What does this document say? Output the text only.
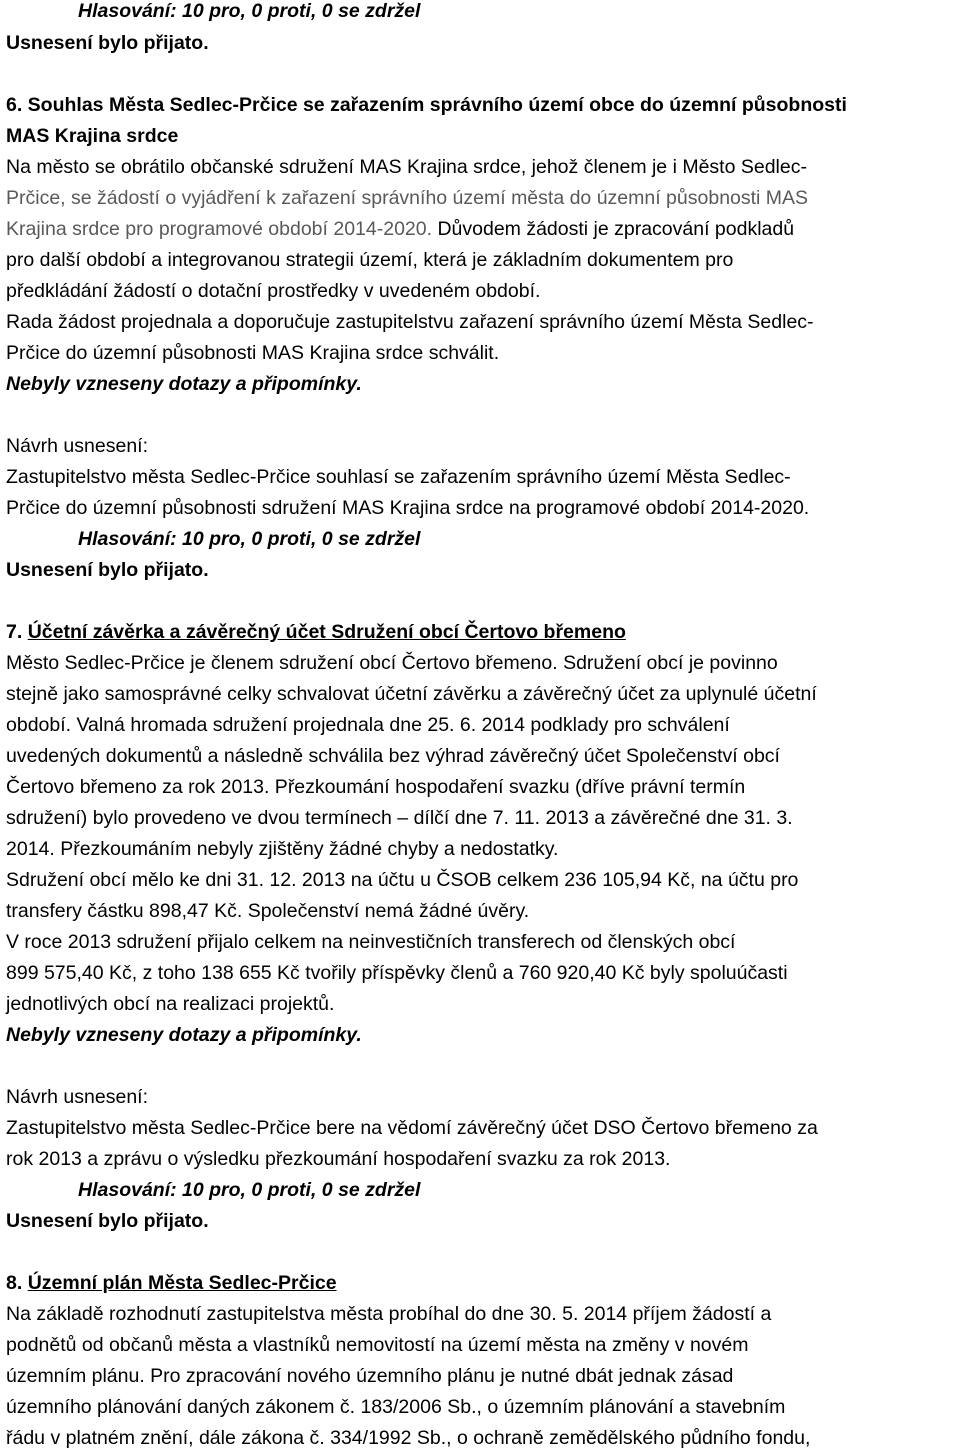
Hlasování: 10 pro, 0 proti, 0 se zdržel
Usnesení bylo přijato.
6. Souhlas Města Sedlec-Prčice se zařazením správního území obce do územní působnosti
MAS Krajina srdce
Na město se obrátilo občanské sdružení MAS Krajina srdce, jehož členem je i Město Sedlec-
Prčice, se žádostí o vyjádření k zařazení správního území města do územní působnosti MAS
Krajina srdce pro programové období 2014-2020. Důvodem žádosti je zpracování podkladů
pro další období a integrovanou strategii území, která je základním dokumentem pro
předkládání žádostí o dotační prostředky v uvedeném období.
Rada žádost projednala a doporučuje zastupitelstvu zařazení správního území Města Sedlec-
Prčice do územní působnosti MAS Krajina srdce schválit.
Nebyly vzneseny dotazy a připomínky.
Návrh usnesení:
Zastupitelstvo města Sedlec-Prčice souhlasí se zařazením správního území Města Sedlec-
Prčice do územní působnosti sdružení MAS Krajina srdce na programové období 2014-2020.
Hlasování: 10 pro, 0 proti, 0 se zdržel
Usnesení bylo přijato.
7. Účetní závěrka a závěrečný účet Sdružení obcí Čertovo břemeno
Město Sedlec-Prčice je členem sdružení obcí Čertovo břemeno. Sdružení obcí je povinno
stejně jako samosprávné celky schvalovat účetní závěrku a závěrečný účet za uplynulé účetní
období. Valná hromada sdružení projednala dne 25. 6. 2014 podklady pro schválení
uvedených dokumentů a následně schválila bez výhrad závěrečný účet Společenství obcí
Čertovo břemeno za rok 2013. Přezkoumání hospodaření svazku (dříve právní termín
sdružení) bylo provedeno ve dvou termínech – dílčí dne 7. 11. 2013 a závěrečné dne 31. 3.
2014. Přezkoumáním nebyly zjištěny žádné chyby a nedostatky.
Sdružení obcí mělo ke dni 31. 12. 2013 na účtu u ČSOB celkem 236 105,94 Kč, na účtu pro
transfery částku 898,47 Kč. Společenství nemá žádné úvěry.
V roce 2013 sdružení přijalo celkem na neinvestičních transferech od členských obcí
899 575,40 Kč, z toho 138 655 Kč tvořily příspěvky členů a 760 920,40 Kč byly spoluúčasti
jednotlivých obcí na realizaci projektů.
Nebyly vzneseny dotazy a připomínky.
Návrh usnesení:
Zastupitelstvo města Sedlec-Prčice bere na vědomí závěrečný účet DSO Čertovo břemeno za
rok 2013 a zprávu o výsledku přezkoumání hospodaření svazku za rok 2013.
Hlasování: 10 pro, 0 proti, 0 se zdržel
Usnesení bylo přijato.
8. Územní plán Města Sedlec-Prčice
Na základě rozhodnutí zastupitelstva města probíhal do dne 30. 5. 2014 příjem žádostí a
podnětů od občanů města a vlastníků nemovitostí na území města na změny v novém
územním plánu. Pro zpracování nového územního plánu je nutné dbát jednak zásad
územního plánování daných zákonem č. 183/2006 Sb., o územním plánování a stavebním
řádu v platném znění, dále zákona č. 334/1992 Sb., o ochraně zemědělského půdního fondu,
